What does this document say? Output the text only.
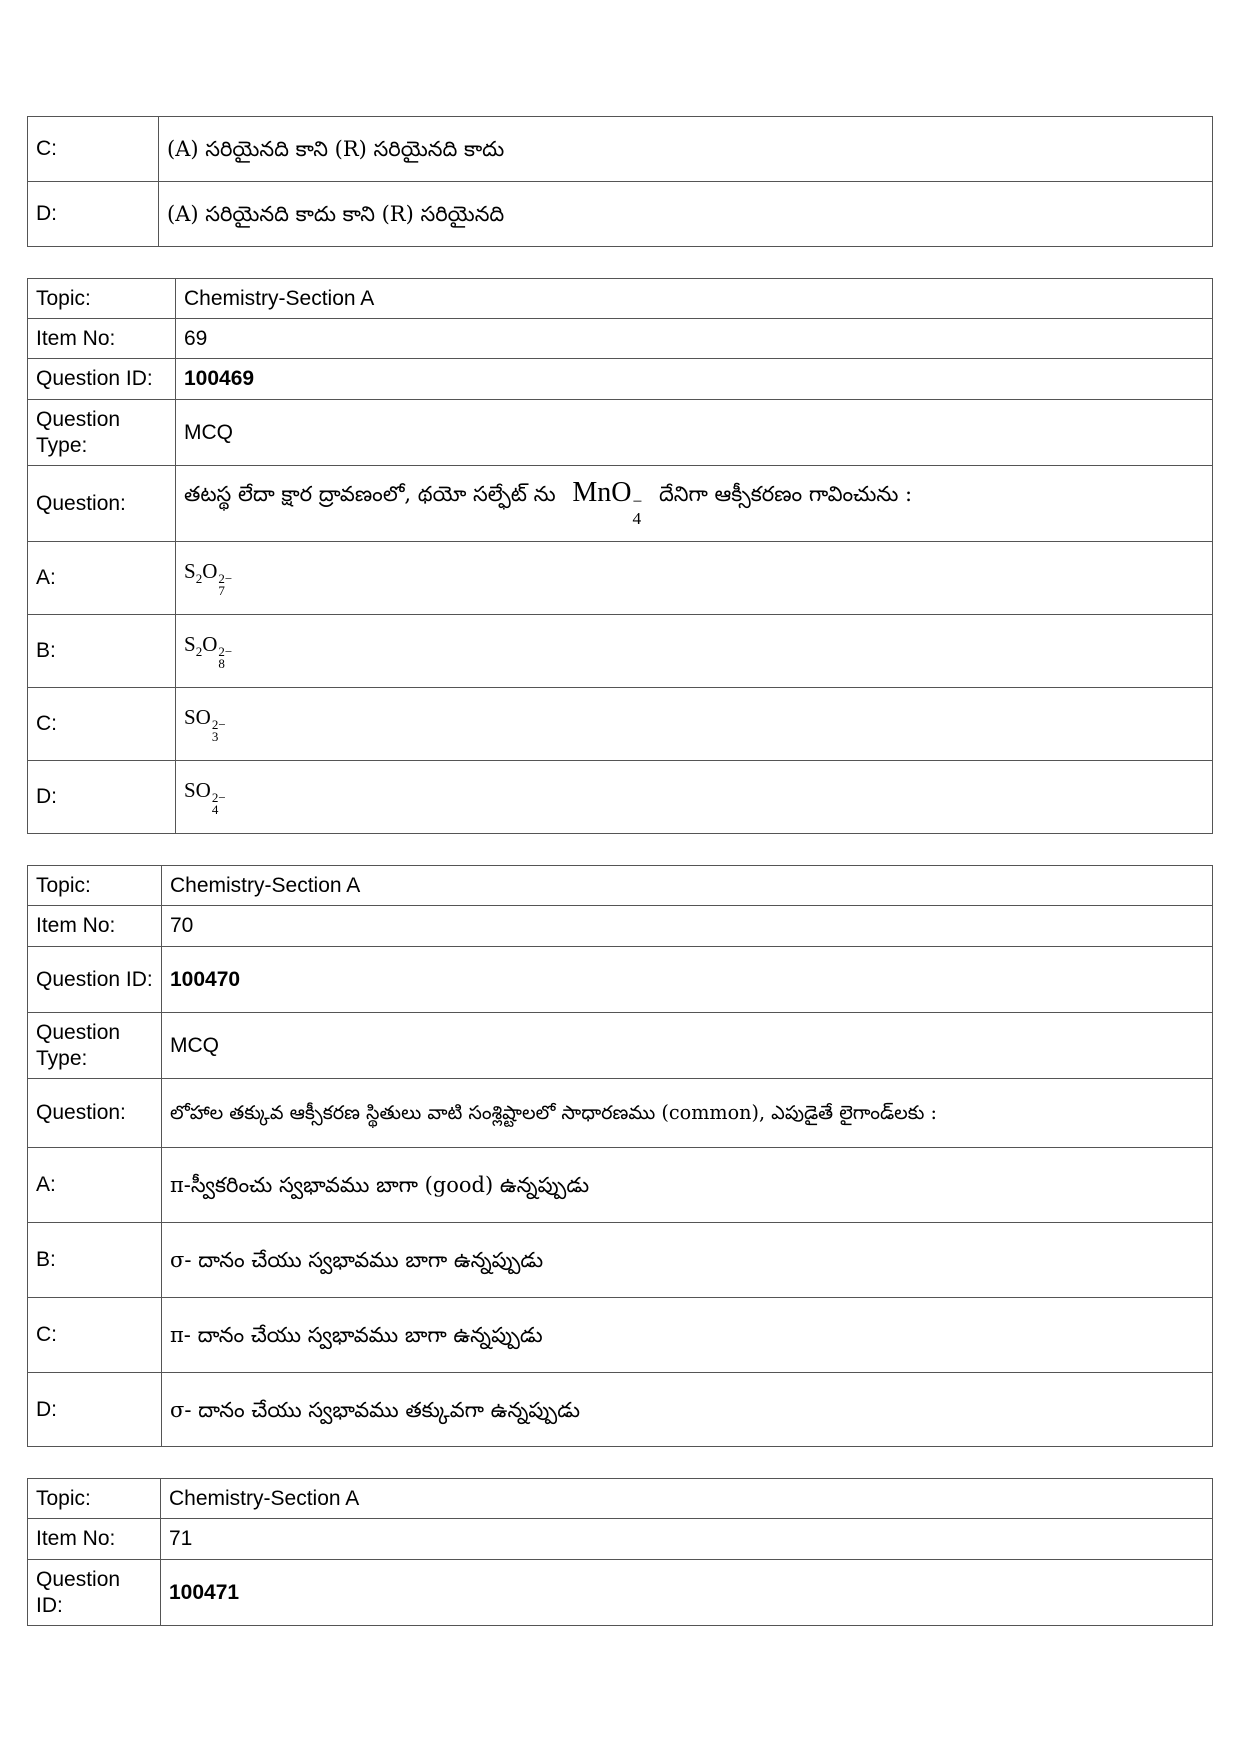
C:	(A) సరియైనది కాని (R) సరియైనది కాదు
D:	(A) సరియైనది కాదు కాని (R) సరియైనది
Topic:	Chemistry-Section A
Item No:	69
Question ID:	100469
Question Type:	MCQ
Question:	తటస్థ లేదా క్షార ద్రావణంలో, థయో సల్ఫేట్ ను MnO −
4
దేనిగా ఆక్సీకరణం గావించును :
A:	$S_2O$ 2−
7

B:	$S_2O$ 2−
8

C:	SO 2−
3

D:	SO 2−
4
Topic:	Chemistry-Section A
Item No:	70
Question ID:	100470
Question Type:	MCQ
Question:	లోహాల తక్కువ ఆక్సీకరణ స్థితులు వాటి సంశ్లిష్టాలలో సాధారణము (common), ఎపుడైతే లైగాండ్‌లకు :
A:	π-స్వీకరించు స్వభావము బాగా (good) ఉన్నప్పుడు
B:	σ- దానం చేయు స్వభావము బాగా ఉన్నప్పుడు
C:	π- దానం చేయు స్వభావము బాగా ఉన్నప్పుడు
D:	σ- దానం చేయు స్వభావము తక్కువగా ఉన్నప్పుడు
Topic:	Chemistry-Section A
Item No:	71
Question ID:	100471
